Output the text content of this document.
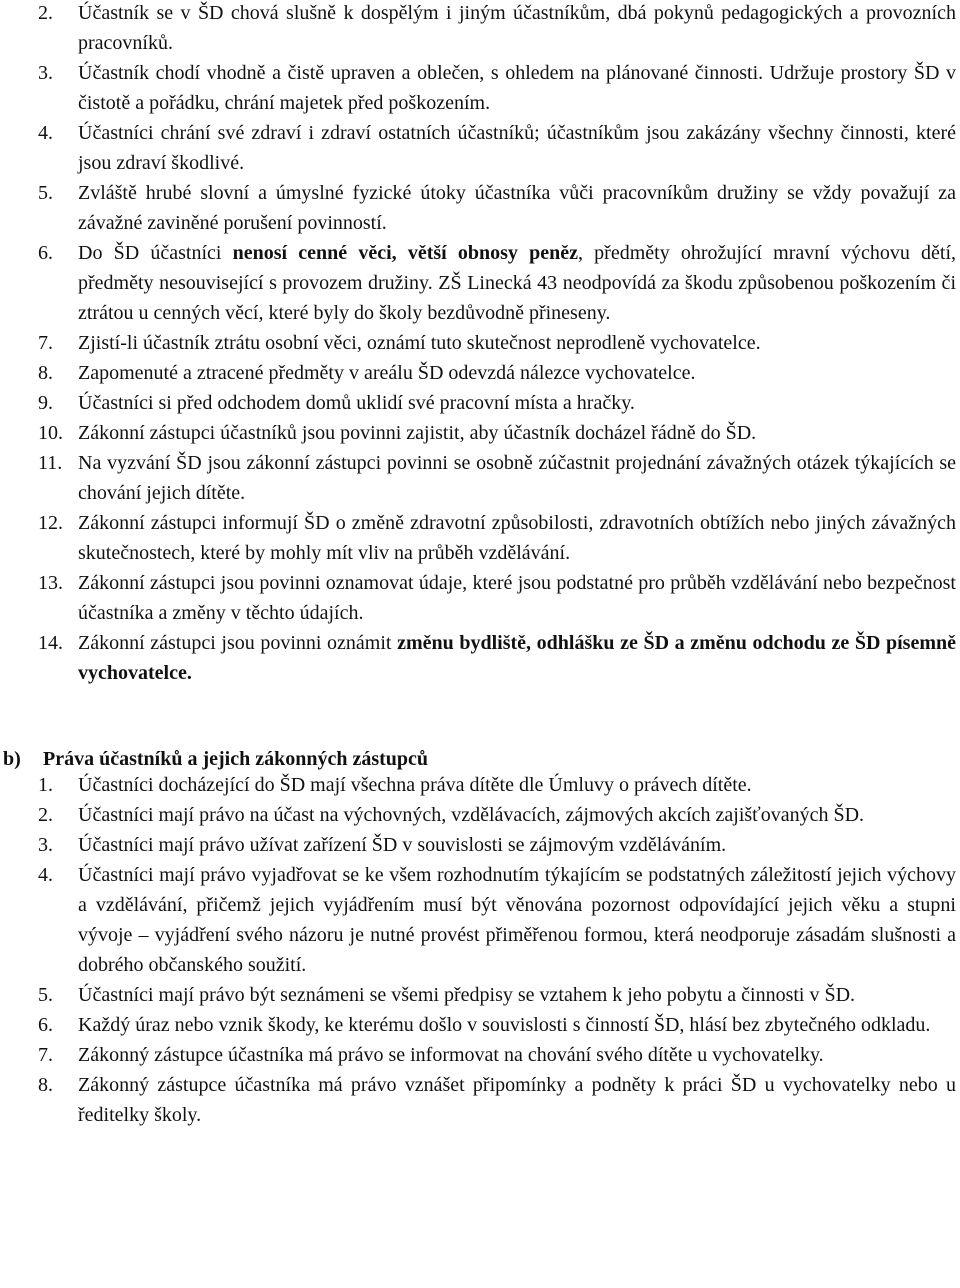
2.	Účastník se v ŠD chová slušně k dospělým i jiným účastníkům, dbá pokynů pedagogických a provozních pracovníků.
3.	Účastník chodí vhodně a čistě upraven a oblečen, s ohledem na plánované činnosti. Udržuje prostory ŠD v čistotě a pořádku, chrání majetek před poškozením.
4.	Účastníci chrání své zdraví i zdraví ostatních účastníků; účastníkům jsou zakázány všechny činnosti, které jsou zdraví škodlivé.
5.	Zvláště hrubé slovní a úmyslné fyzické útoky účastníka vůči pracovníkům družiny se vždy považují za závažné zaviněné porušení povinností.
6.	Do ŠD účastníci nenosí cenné věci, větší obnosy peněz, předměty ohrožující mravní výchovu dětí, předměty nesouvisející s provozem družiny. ZŠ Linecká 43 neodpovídá za škodu způsobenou poškozením či ztrátou u cenných věcí, které byly do školy bezdůvodně přineseny.
7.	Zjistí-li účastník ztrátu osobní věci, oznámí tuto skutečnost neprodleně vychovatelce.
8.	Zapomenuté a ztracené předměty v areálu ŠD odevzdá nálezce vychovatelce.
9.	Účastníci si před odchodem domů uklidí své pracovní místa a hračky.
10. Zákonní zástupci účastníků jsou povinni zajistit, aby účastník docházel řádně do ŠD.
11. Na vyzvání ŠD jsou zákonní zástupci povinni se osobně zúčastnit projednání závažných otázek týkajících se chování jejich dítěte.
12. Zákonní zástupci informují ŠD o změně zdravotní způsobilosti, zdravotních obtížích nebo jiných závažných skutečnostech, které by mohly mít vliv na průběh vzdělávání.
13. Zákonní zástupci jsou povinni oznamovat údaje, které jsou podstatné pro průběh vzdělávání nebo bezpečnost účastníka a změny v těchto údajích.
14. Zákonní zástupci jsou povinni oznámit změnu bydliště, odhlášku ze ŠD a změnu odchodu ze ŠD písemně vychovatelce.
b)	Práva účastníků a jejich zákonných zástupců
1.	Účastníci docházející do ŠD mají všechna práva dítěte dle Úmluvy o právech dítěte.
2.	Účastníci mají právo na účast na výchovných, vzdělávacích, zájmových akcích zajišťovaných ŠD.
3.	Účastníci mají právo užívat zařízení ŠD v souvislosti se zájmovým vzděláváním.
4.	Účastníci mají právo vyjadřovat se ke všem rozhodnutím týkajícím se podstatných záležitostí jejich výchovy a vzdělávání, přičemž jejich vyjádřením musí být věnována pozornost odpovídající jejich věku a stupni vývoje – vyjádření svého názoru je nutné provést přiměřenou formou, která neodporuje zásadám slušnosti a dobrého občanského soužití.
5.	Účastníci mají právo být seznámeni se všemi předpisy se vztahem k jeho pobytu a činnosti v ŠD.
6.	Každý úraz nebo vznik škody, ke kterému došlo v souvislosti s činností ŠD, hlásí bez zbytečného odkladu.
7.	Zákonný zástupce účastníka má právo se informovat na chování svého dítěte u vychovatelky.
8.	Zákonný zástupce účastníka má právo vznášet připomínky a podněty k práci ŠD u vychovatelky nebo u ředitelky školy.
